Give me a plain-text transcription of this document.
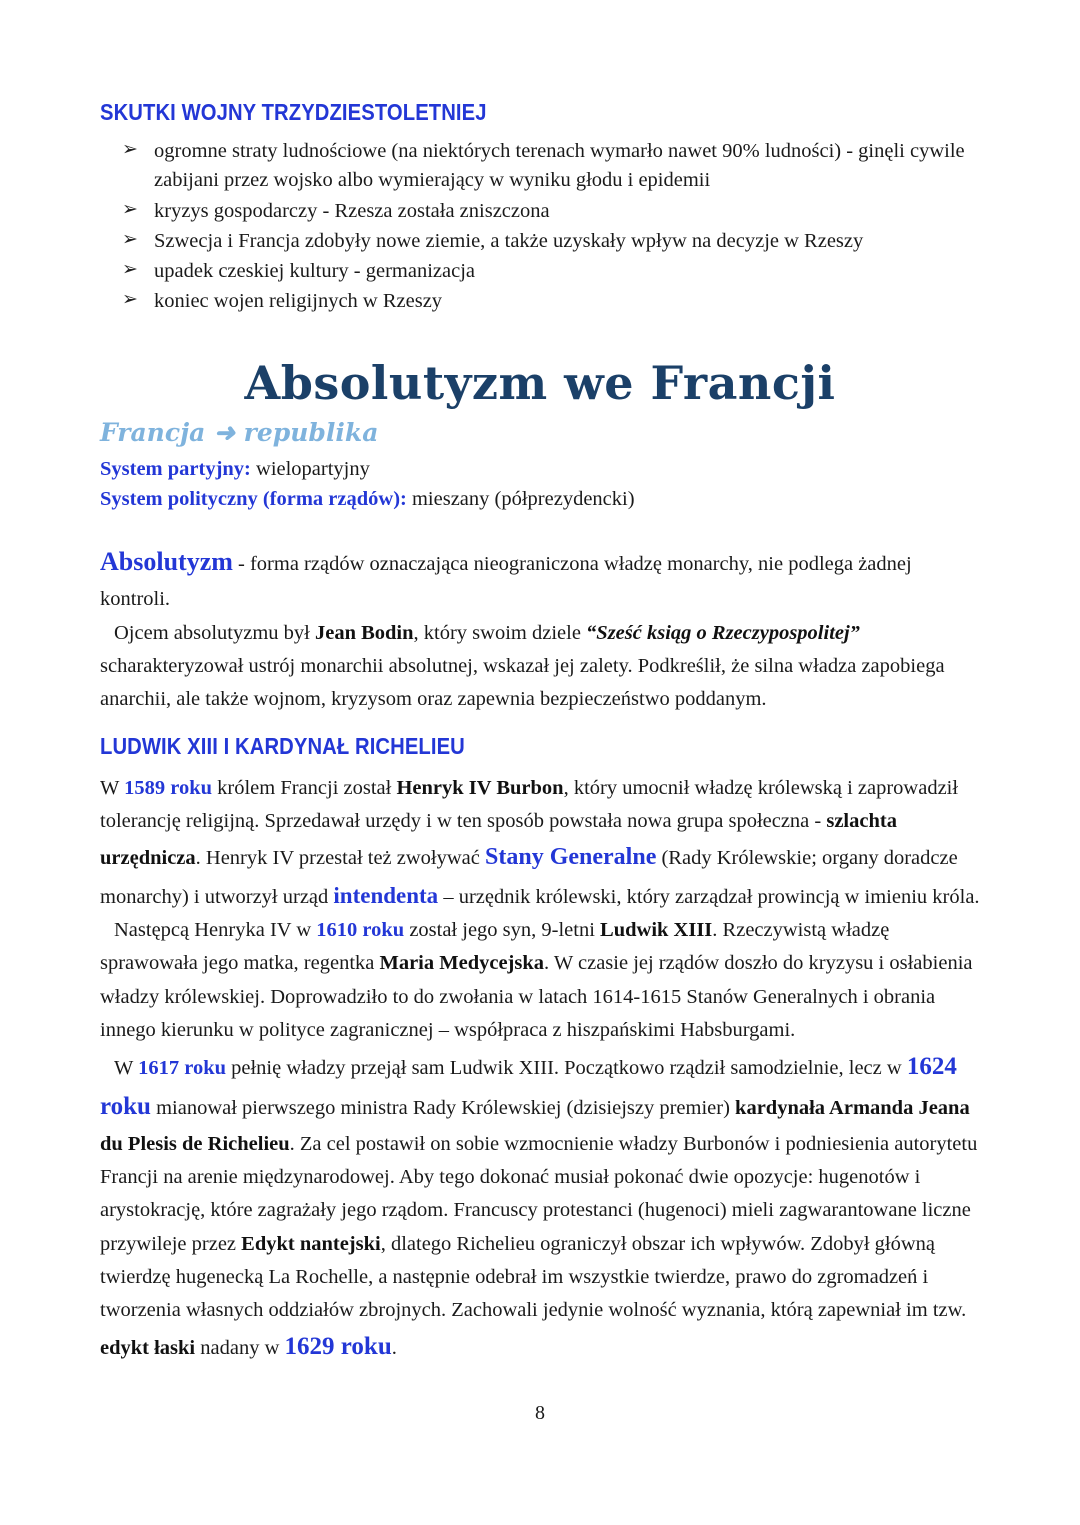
SKUTKI WOJNY TRZYDZIESTOLETNIEJ
➢ ogromne straty ludnościowe (na niektórych terenach wymarło nawet 90% ludności) - ginęli cywile zabijani przez wojsko albo wymierający w wyniku głodu i epidemii
➢ kryzys gospodarczy - Rzesza została zniszczona
➢ Szwecja i Francja zdobyły nowe ziemie, a także uzyskały wpływ na decyzje w Rzeszy
➢ upadek czeskiej kultury - germanizacja
➢ koniec wojen religijnych w Rzeszy
Absolutyzm we Francji
Francja ➜ republika
System partyjny: wielopartyjny
System polityczny (forma rządów): mieszany (półprezydencki)

Absolutyzm - forma rządów oznaczająca nieograniczona władzę monarchy, nie podlega żadnej kontroli.

Ojcem absolutyzmu był Jean Bodin, który swoim dziele “Sześć ksiąg o Rzeczypospolitej” scharakteryzował ustrój monarchii absolutnej, wskazał jej zalety. Podkreślił, że silna władza zapobiega anarchii, ale także wojnom, kryzysom oraz zapewnia bezpieczeństwo poddanym.

LUDWIK XIII I KARDYNAŁ RICHELIEU

W 1589 roku królem Francji został Henryk IV Burbon, który umocnił władzę królewską i zaprowadził tolerancję religijną. Sprzedawał urzędy i w ten sposób powstała nowa grupa społeczna - szlachta urzędnicza. Henryk IV przestał też zwoływać Stany Generalne (Rady Królewskie; organy doradcze monarchy) i utworzył urząd intendenta – urzędnik królewski, który zarządzał prowincją w imieniu króla.

Następcą Henryka IV w 1610 roku został jego syn, 9-letni Ludwik XIII. Rzeczywistą władzę sprawowała jego matka, regentka Maria Medycejska. W czasie jej rządów doszło do kryzysu i osłabienia władzy królewskiej. Doprowadziło to do zwołania w latach 1614-1615 Stanów Generalnych i obrania innego kierunku w polityce zagranicznej – współpraca z hiszpańskimi Habsburgami.

W 1617 roku pełnię władzy przejął sam Ludwik XIII. Początkowo rządził samodzielnie, lecz w 1624 roku mianował pierwszego ministra Rady Królewskiej (dzisiejszy premier) kardynała Armanda Jeana du Plesis de Richelieu. Za cel postawił on sobie wzmocnienie władzy Burbonów i podniesienia autorytetu Francji na arenie międzynarodowej. Aby tego dokonać musiał pokonać dwie opozycje: hugenotów i arystokrację, które zagrażały jego rządom. Francuscy protestanci (hugenoci) mieli zagwarantowane liczne przywileje przez Edykt nantejski, dlatego Richelieu ograniczył obszar ich wpływów. Zdobył główną twierdzę hugenecką La Rochelle, a następnie odebrał im wszystkie twierdze, prawo do zgromadzeń i tworzenia własnych oddziałów zbrojnych. Zachowali jedynie wolność wyznania, którą zapewniał im tzw. edykt łaski nadany w 1629 roku.

8
